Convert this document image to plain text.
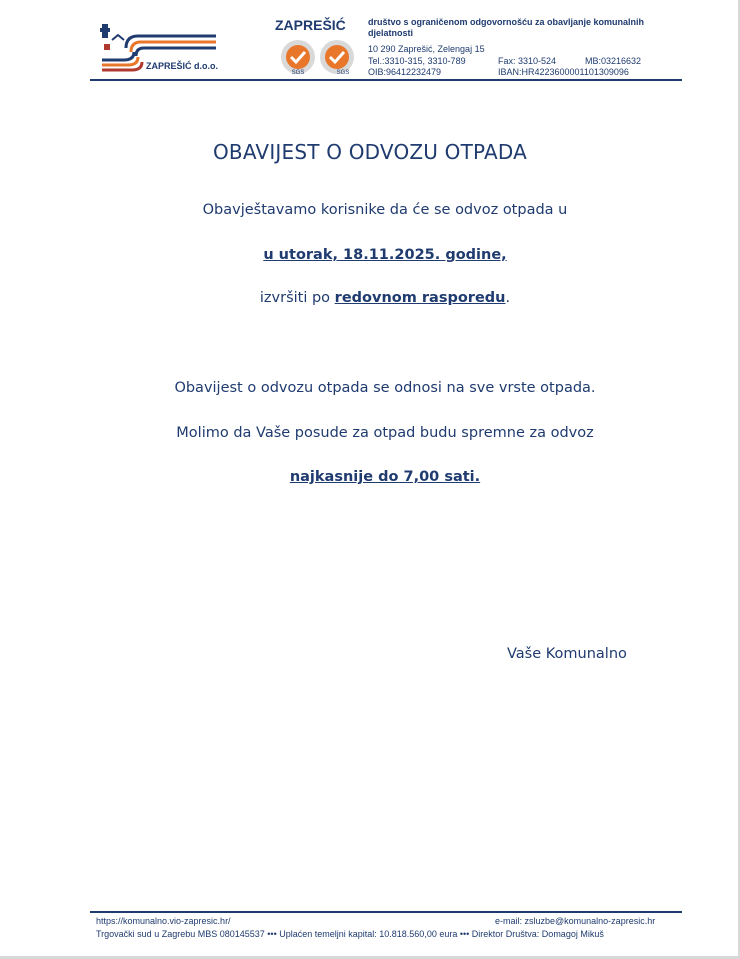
ZAPREŠIĆ d.o.o.
ZAPREŠIĆ
SGS	SGS
društvo s ograničenom odgovornošću za obavljanje komunalnih djelatnosti
10 290 Zaprešić, Zelengaj 15
Tel.:3310-315, 3310-789	Fax: 3310-524	MB:03216632
OIB:96412232479	IBAN:HR4223600001101309096
OBAVIJEST O ODVOZU OTPADA
Obavještavamo korisnike da će se odvoz otpada u
u utorak, 18.11.2025. godine,
izvršiti po redovnom rasporedu.
Obavijest o odvozu otpada se odnosi na sve vrste otpada.
Molimo da Vaše posude za otpad budu spremne za odvoz
najkasnije do 7,00 sati.
Vaše Komunalno
https://komunalno.vio-zapresic.hr/	e-mail: zsluzbe@komunalno-zapresic.hr
Trgovački sud u Zagrebu MBS 080145537 ••• Uplaćen temeljni kapital: 10.818.560,00 eura ••• Direktor Društva: Domagoj Mikuš
